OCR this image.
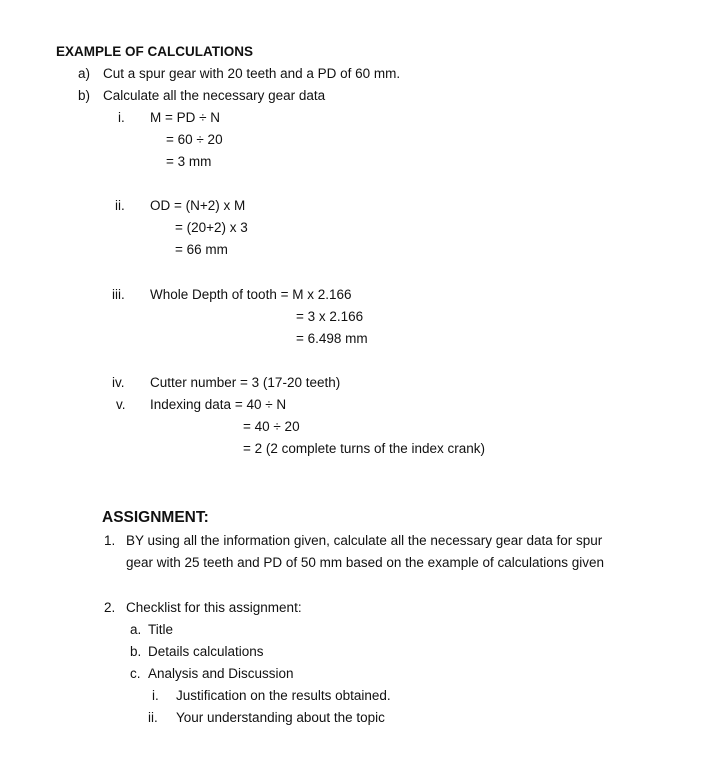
EXAMPLE OF CALCULATIONS
a) Cut a spur gear with 20 teeth and a PD of 60 mm.
b) Calculate all the necessary gear data
i. M = PD ÷ N
= 60 ÷ 20
= 3 mm
ii. OD = (N+2) x M
= (20+2) x 3
= 66 mm
iii. Whole Depth of tooth = M x 2.166
= 3 x 2.166
= 6.498 mm
iv. Cutter number = 3 (17-20 teeth)
v. Indexing data = 40 ÷ N
= 40 ÷ 20
= 2 (2 complete turns of the index crank)
ASSIGNMENT:
1. BY using all the information given, calculate all the necessary gear data for spur
gear with 25 teeth and PD of 50 mm based on the example of calculations given
2. Checklist for this assignment:
a. Title
b. Details calculations
c. Analysis and Discussion
i. Justification on the results obtained.
ii. Your understanding about the topic
